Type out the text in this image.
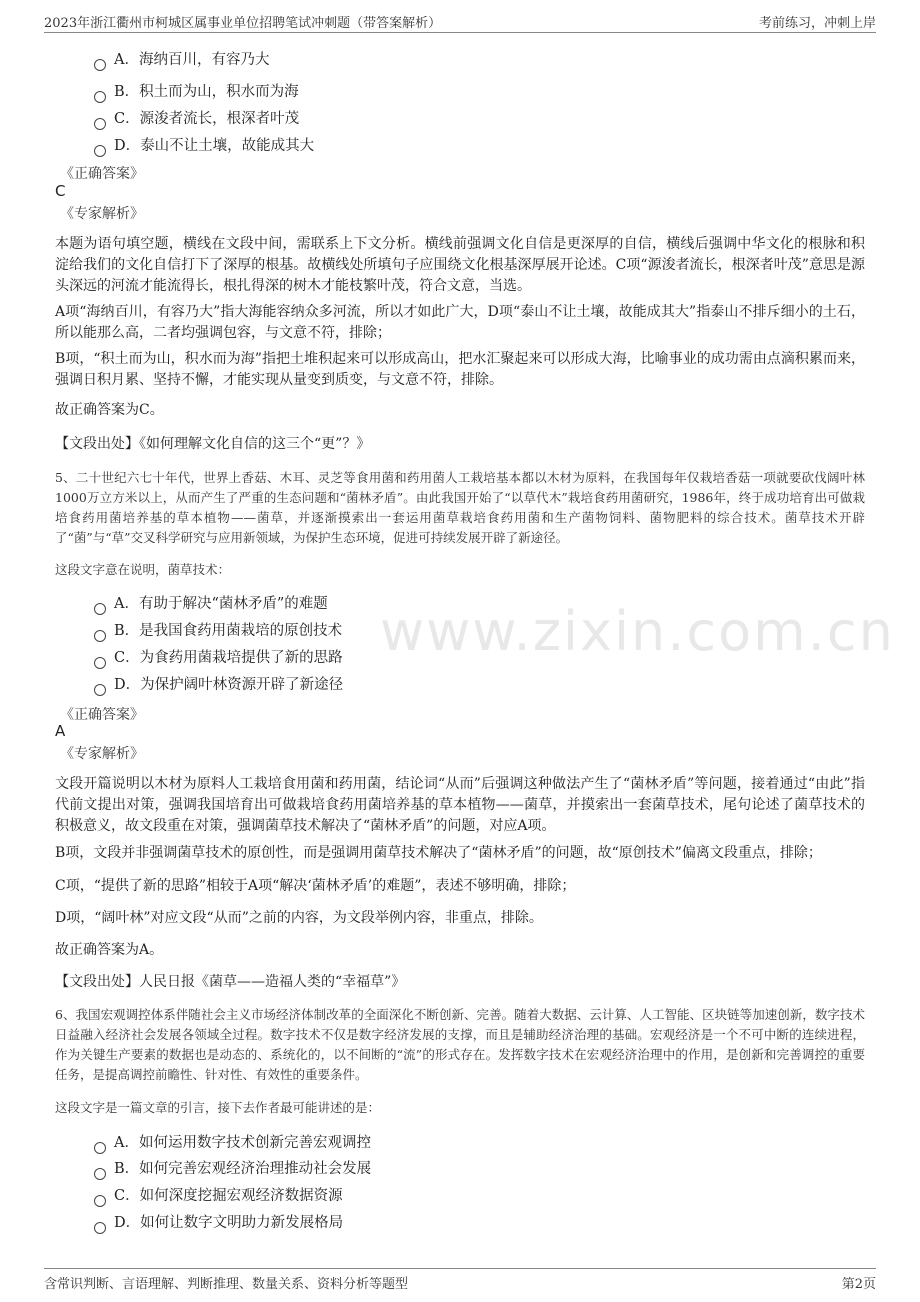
2023年浙江衢州市柯城区属事业单位招聘笔试冲刺题（带答案解析）	考前练习，冲刺上岸
www.zixin.com.cn
A．海纳百川，有容乃大
B．积土而为山，积水而为海
C．源浚者流长，根深者叶茂
D．泰山不让土壤，故能成其大
《正确答案》
C
《专家解析》
本题为语句填空题，横线在文段中间，需联系上下文分析。横线前强调文化自信是更深厚的自信，横线后强调中华文化的根脉和积淀给我们的文化自信打下了深厚的根基。故横线处所填句子应围绕文化根基深厚展开论述。C项“源浚者流长，根深者叶茂”意思是源头深远的河流才能流得长，根扎得深的树木才能枝繁叶茂，符合文意，当选。
A项“海纳百川，有容乃大”指大海能容纳众多河流，所以才如此广大，D项“泰山不让土壤，故能成其大”指泰山不排斥细小的土石，所以能那么高，二者均强调包容，与文意不符，排除；
B项，“积土而为山，积水而为海”指把土堆积起来可以形成高山，把水汇聚起来可以形成大海，比喻事业的成功需由点滴积累而来，强调日积月累、坚持不懈，才能实现从量变到质变，与文意不符，排除。
故正确答案为C。
【文段出处】《如何理解文化自信的这三个“更”？》
5、二十世纪六七十年代，世界上香菇、木耳、灵芝等食用菌和药用菌人工栽培基本都以木材为原料，在我国每年仅栽培香菇一项就要砍伐阔叶林1000万立方米以上，从而产生了严重的生态问题和“菌林矛盾”。由此我国开始了“以草代木”栽培食药用菌研究，1986年，终于成功培育出可做栽培食药用菌培养基的草本植物——菌草，并逐渐摸索出一套运用菌草栽培食药用菌和生产菌物饲料、菌物肥料的综合技术。菌草技术开辟了“菌”与“草”交叉科学研究与应用新领域，为保护生态环境，促进可持续发展开辟了新途径。
这段文字意在说明，菌草技术：
A．有助于解决“菌林矛盾”的难题
B．是我国食药用菌栽培的原创技术
C．为食药用菌栽培提供了新的思路
D．为保护阔叶林资源开辟了新途径
《正确答案》
A
《专家解析》
文段开篇说明以木材为原料人工栽培食用菌和药用菌，结论词“从而”后强调这种做法产生了“菌林矛盾”等问题，接着通过“由此”指代前文提出对策，强调我国培育出可做栽培食药用菌培养基的草本植物——菌草，并摸索出一套菌草技术，尾句论述了菌草技术的积极意义，故文段重在对策，强调菌草技术解决了“菌林矛盾”的问题，对应A项。
B项，文段并非强调菌草技术的原创性，而是强调用菌草技术解决了“菌林矛盾”的问题，故“原创技术”偏离文段重点，排除；
C项，“提供了新的思路”相较于A项“解决‘菌林矛盾’的难题”，表述不够明确，排除；
D项，“阔叶林”对应文段“从而”之前的内容，为文段举例内容，非重点，排除。
故正确答案为A。
【文段出处】人民日报《菌草——造福人类的“幸福草”》
6、我国宏观调控体系伴随社会主义市场经济体制改革的全面深化不断创新、完善。随着大数据、云计算、人工智能、区块链等加速创新，数字技术日益融入经济社会发展各领域全过程。数字技术不仅是数字经济发展的支撑，而且是辅助经济治理的基础。宏观经济是一个不可中断的连续进程，作为关键生产要素的数据也是动态的、系统化的，以不间断的“流”的形式存在。发挥数字技术在宏观经济治理中的作用，是创新和完善调控的重要任务，是提高调控前瞻性、针对性、有效性的重要条件。
这段文字是一篇文章的引言，接下去作者最可能讲述的是：
A．如何运用数字技术创新完善宏观调控
B．如何完善宏观经济治理推动社会发展
C．如何深度挖掘宏观经济数据资源
D．如何让数字文明助力新发展格局
含常识判断、言语理解、判断推理、数量关系、资料分析等题型	第2页
